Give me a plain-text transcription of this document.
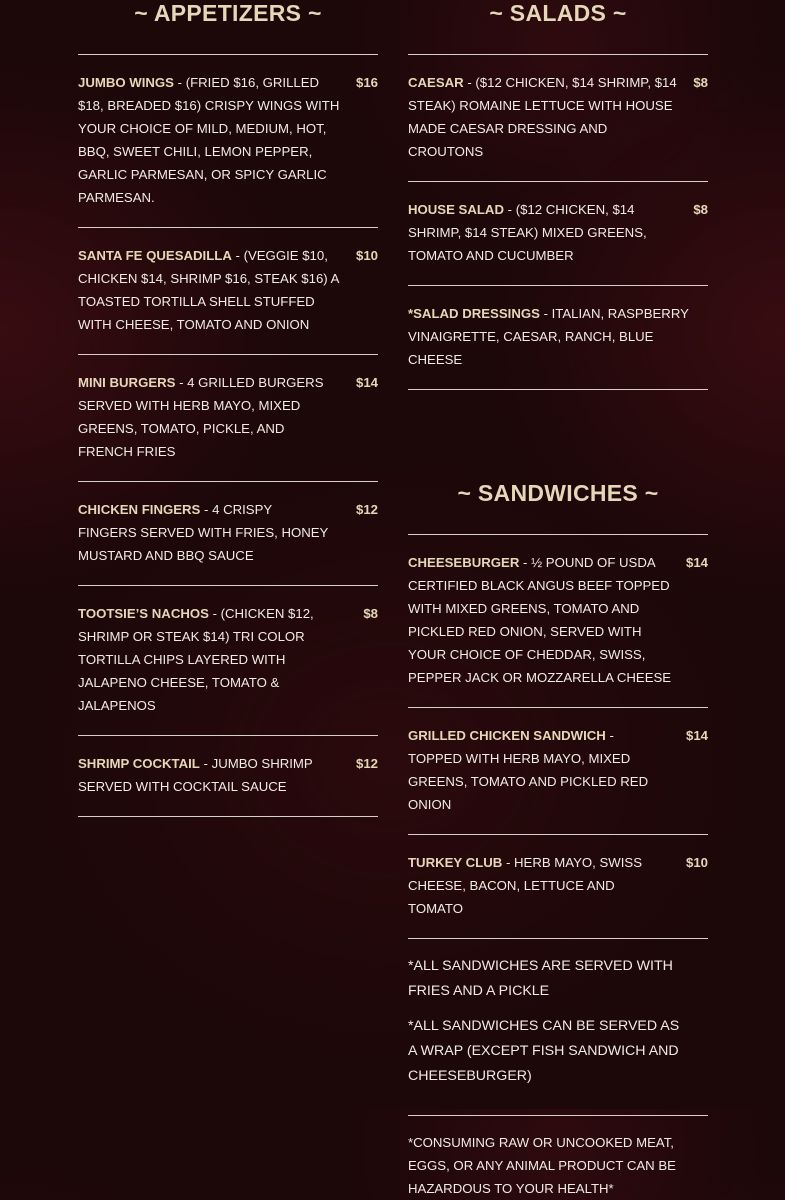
~ APPETIZERS ~
JUMBO WINGS - (FRIED $16, GRILLED $18, BREADED $16) CRISPY WINGS WITH YOUR CHOICE OF MILD, MEDIUM, HOT, BBQ, SWEET CHILI, LEMON PEPPER, GARLIC PARMESAN, OR SPICY GARLIC PARMESAN.
$16
SANTA FE QUESADILLA - (VEGGIE $10, CHICKEN $14, SHRIMP $16, STEAK $16) A TOASTED TORTILLA SHELL STUFFED WITH CHEESE, TOMATO AND ONION
$10
MINI BURGERS - 4 GRILLED BURGERS SERVED WITH HERB MAYO, MIXED GREENS, TOMATO, PICKLE, AND FRENCH FRIES
$14
CHICKEN FINGERS - 4 CRISPY FINGERS SERVED WITH FRIES, HONEY MUSTARD AND BBQ SAUCE
$12
TOOTSIE’S NACHOS - (CHICKEN $12, SHRIMP OR STEAK $14) TRI COLOR TORTILLA CHIPS LAYERED WITH JALAPENO CHEESE, TOMATO & JALAPENOS
$8
SHRIMP COCKTAIL - JUMBO SHRIMP SERVED WITH COCKTAIL SAUCE
$12
~ SALADS ~
CAESAR - ($12 CHICKEN, $14 SHRIMP, $14 STEAK) ROMAINE LETTUCE WITH HOUSE MADE CAESAR DRESSING AND CROUTONS
$8
HOUSE SALAD - ($12 CHICKEN, $14 SHRIMP, $14 STEAK) MIXED GREENS, TOMATO AND CUCUMBER
$8
*SALAD DRESSINGS - ITALIAN, RASPBERRY VINAIGRETTE, CAESAR, RANCH, BLUE CHEESE
~ SANDWICHES ~
CHEESEBURGER - ½ POUND OF USDA CERTIFIED BLACK ANGUS BEEF TOPPED WITH MIXED GREENS, TOMATO AND PICKLED RED ONION, SERVED WITH YOUR CHOICE OF CHEDDAR, SWISS, PEPPER JACK OR MOZZARELLA CHEESE
$14
GRILLED CHICKEN SANDWICH - TOPPED WITH HERB MAYO, MIXED GREENS, TOMATO AND PICKLED RED ONION
$14
TURKEY CLUB - HERB MAYO, SWISS CHEESE, BACON, LETTUCE AND TOMATO
$10
*ALL SANDWICHES ARE SERVED WITH FRIES AND A PICKLE
*ALL SANDWICHES CAN BE SERVED AS A WRAP (EXCEPT FISH SANDWICH AND CHEESEBURGER)
*CONSUMING RAW OR UNCOOKED MEAT, EGGS, OR ANY ANIMAL PRODUCT CAN BE HAZARDOUS TO YOUR HEALTH*
